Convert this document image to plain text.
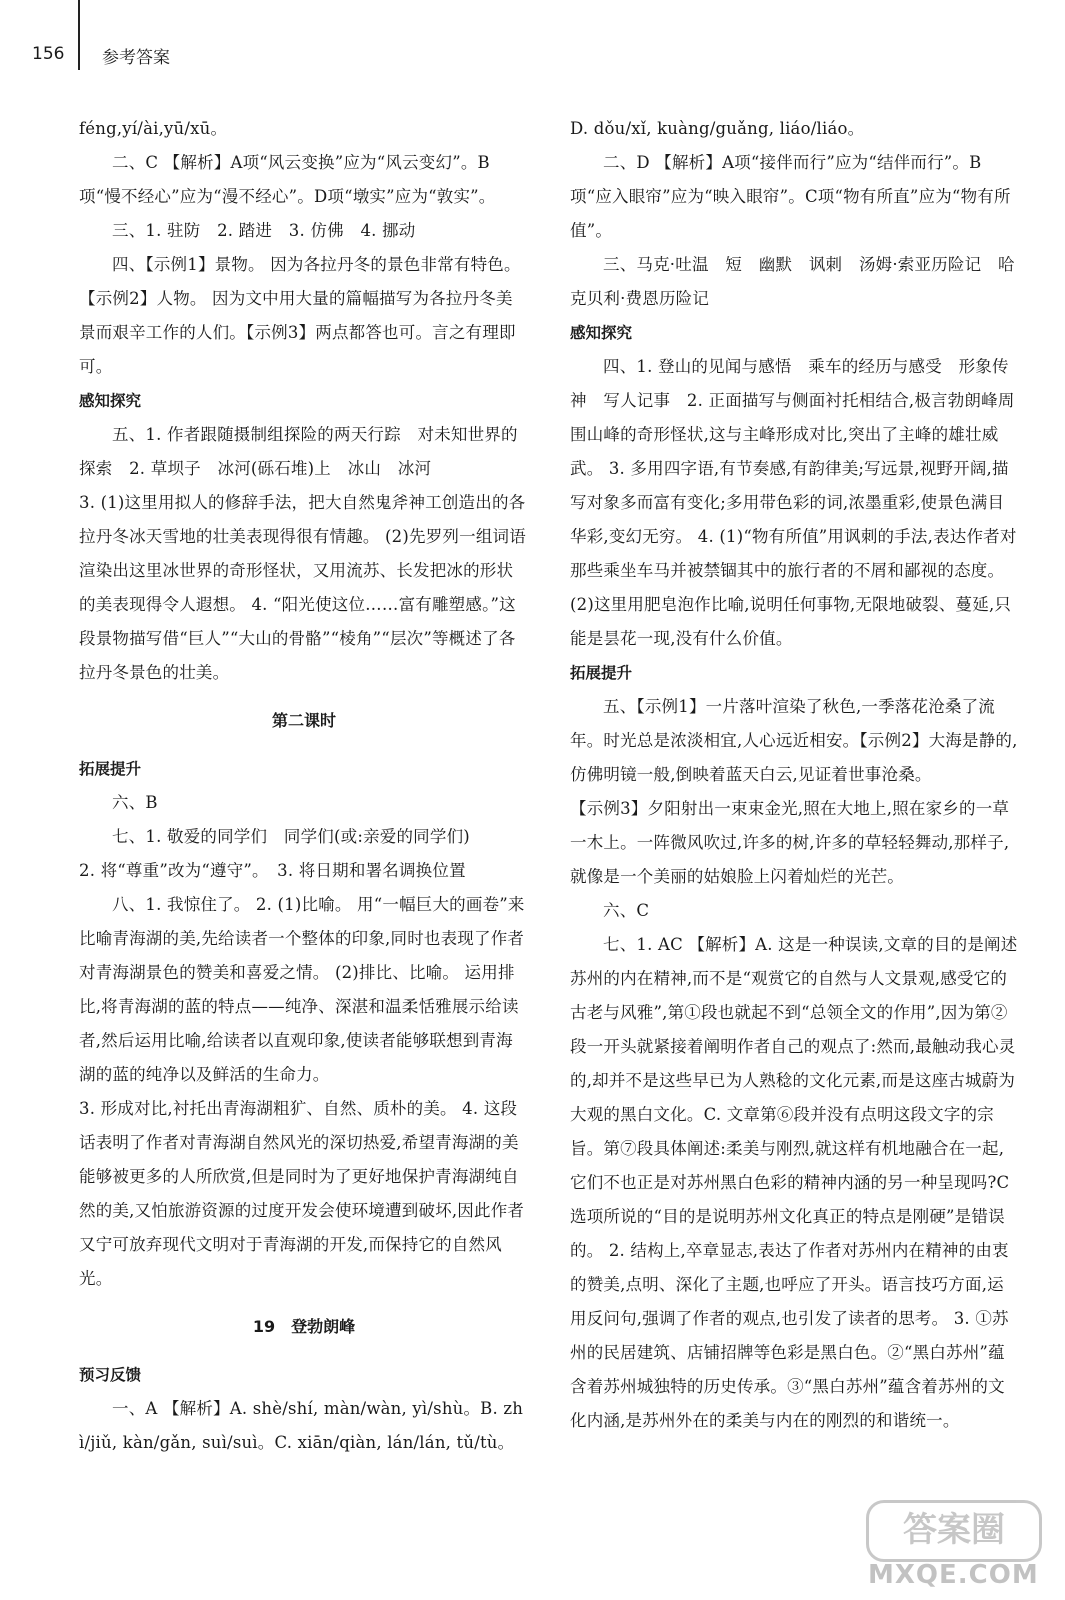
156 参考答案

féng,yí/ài,yū/xū。

二、C 【解析】A项“风云变换”应为“风云变幻”。B项“慢不经心”应为“漫不经心”。D项“墩实”应为“敦实”。

三、1. 驻防　2. 踏进　3. 仿佛　4. 挪动

四、【示例1】景物。 因为各拉丹冬的景色非常有特色。【示例2】人物。 因为文中用大量的篇幅描写为各拉丹冬美景而艰辛工作的人们。【示例3】两点都答也可。言之有理即可。

感知探究

五、1. 作者跟随摄制组探险的两天行踪　对未知世界的探索　2. 草坝子　冰河(砾石堆)上　冰山　冰河

3. (1)这里用拟人的修辞手法，把大自然鬼斧神工创造出的各拉丹冬冰天雪地的壮美表现得很有情趣。 (2)先罗列一组词语渲染出这里冰世界的奇形怪状，又用流苏、长发把冰的形状的美表现得令人遐想。 4. “阳光使这位……富有雕塑感。”这段景物描写借“巨人”“大山的骨骼”“棱角”“层次”等概述了各拉丹冬景色的壮美。

第二课时

拓展提升

六、B

七、1. 敬爱的同学们　同学们(或:亲爱的同学们)

2. 将“尊重”改为“遵守”。　3. 将日期和署名调换位置

八、1. 我惊住了。 2. (1)比喻。 用“一幅巨大的画卷”来比喻青海湖的美,先给读者一个整体的印象,同时也表现了作者对青海湖景色的赞美和喜爱之情。 (2)排比、比喻。 运用排比,将青海湖的蓝的特点——纯净、深湛和温柔恬雅展示给读者,然后运用比喻,给读者以直观印象,使读者能够联想到青海湖的蓝的纯净以及鲜活的生命力。

3. 形成对比,衬托出青海湖粗犷、自然、质朴的美。 4. 这段话表明了作者对青海湖自然风光的深切热爱,希望青海湖的美能够被更多的人所欣赏,但是同时为了更好地保护青海湖纯自然的美,又怕旅游资源的过度开发会使环境遭到破坏,因此作者又宁可放弃现代文明对于青海湖的开发,而保持它的自然风光。

19　登勃朗峰

预习反馈

一、A 【解析】A. shè/shí, màn/wàn, yì/shù。B. zhì/jiǔ, kàn/gǎn, suì/suì。C. xiān/qiàn, lán/lán, tǔ/tù。

D. dǒu/xǐ, kuàng/guǎng, liáo/liáo。

二、D 【解析】A项“接伴而行”应为“结伴而行”。B项“应入眼帘”应为“映入眼帘”。C项“物有所直”应为“物有所值”。

三、马克·吐温　短　幽默　讽刺　汤姆·索亚历险记　哈克贝利·费恩历险记

感知探究

四、1. 登山的见闻与感悟　乘车的经历与感受　形象传神　写人记事　2. 正面描写与侧面衬托相结合,极言勃朗峰周围山峰的奇形怪状,这与主峰形成对比,突出了主峰的雄壮威武。 3. 多用四字语,有节奏感,有韵律美;写远景,视野开阔,描写对象多而富有变化;多用带色彩的词,浓墨重彩,使景色满目华彩,变幻无穷。 4. (1)“物有所值”用讽刺的手法,表达作者对那些乘坐车马并被禁锢其中的旅行者的不屑和鄙视的态度。 (2)这里用肥皂泡作比喻,说明任何事物,无限地破裂、蔓延,只能是昙花一现,没有什么价值。

拓展提升

五、【示例1】一片落叶渲染了秋色,一季落花沧桑了流年。时光总是浓淡相宜,人心远近相安。【示例2】大海是静的,仿佛明镜一般,倒映着蓝天白云,见证着世事沧桑。

【示例3】夕阳射出一束束金光,照在大地上,照在家乡的一草一木上。一阵微风吹过,许多的树,许多的草轻轻舞动,那样子,就像是一个美丽的姑娘脸上闪着灿烂的光芒。

六、C

七、1. AC 【解析】A. 这是一种误读,文章的目的是阐述苏州的内在精神,而不是“观赏它的自然与人文景观,感受它的古老与风雅”,第①段也就起不到“总领全文的作用”,因为第②段一开头就紧接着阐明作者自己的观点了:然而,最触动我心灵的,却并不是这些早已为人熟稔的文化元素,而是这座古城蔚为大观的黑白文化。C. 文章第⑥段并没有点明这段文字的宗旨。第⑦段具体阐述:柔美与刚烈,就这样有机地融合在一起,它们不也正是对苏州黑白色彩的精神内涵的另一种呈现吗?C选项所说的“目的是说明苏州文化真正的特点是刚硬”是错误的。 2. 结构上,卒章显志,表达了作者对苏州内在精神的由衷的赞美,点明、深化了主题,也呼应了开头。语言技巧方面,运用反问句,强调了作者的观点,也引发了读者的思考。 3. ①苏州的民居建筑、店铺招牌等色彩是黑白色。②“黑白苏州”蕴含着苏州城独特的历史传承。③“黑白苏州”蕴含着苏州的文化内涵,是苏州外在的柔美与内在的刚烈的和谐统一。

答案圈
MXQE.COM
